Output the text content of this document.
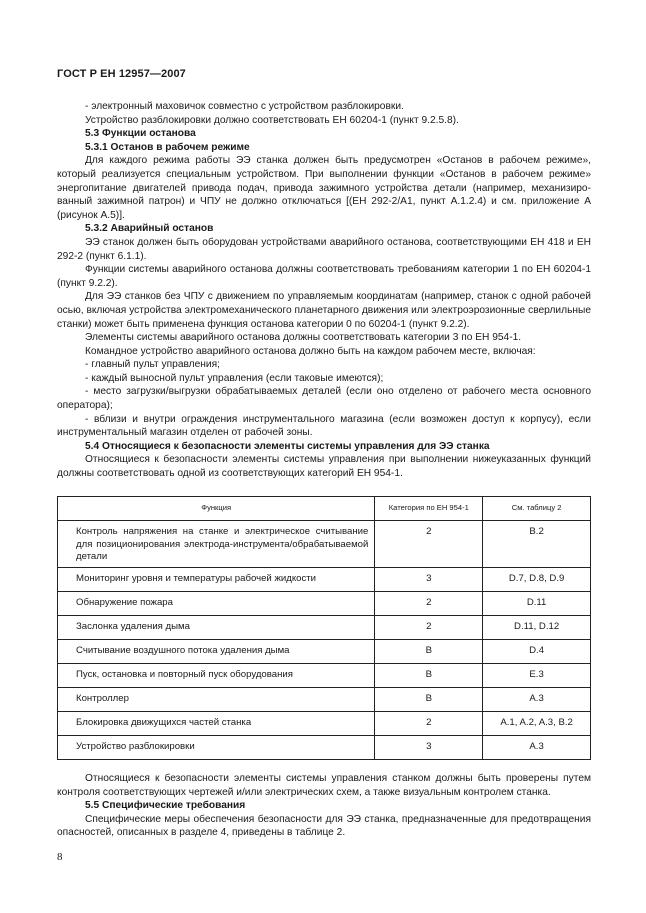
ГОСТ Р ЕН 12957—2007

- электронный маховичок совместно с устройством разблокировки.

Устройство разблокировки должно соответствовать ЕН 60204-1 (пункт 9.2.5.8).

5.3 Функции останова

5.3.1 Останов в рабочем режиме

Для каждого режима работы ЭЭ станка должен быть предусмотрен «Останов в рабочем режиме», который реализуется специальным устройством. При выполнении функции «Останов в рабочем режиме» энергопитание двигателей привода подач, привода зажимного устройства детали (например, механизированный зажимной патрон) и ЧПУ не должно отключаться [(ЕН 292-2/А1, пункт А.1.2.4) и см. приложение А (рисунок А.5)].

5.3.2 Аварийный останов

ЭЭ станок должен быть оборудован устройствами аварийного останова, соответствующими ЕН 418 и ЕН 292-2 (пункт 6.1.1).

Функции системы аварийного останова должны соответствовать требованиям категории 1 по ЕН 60204-1 (пункт 9.2.2).

Для ЭЭ станков без ЧПУ с движением по управляемым координатам (например, станок с одной рабочей осью, включая устройства электромеханического планетарного движения или электроэрозионные сверлильные станки) может быть применена функция останова категории 0 по 60204-1 (пункт 9.2.2).

Элементы системы аварийного останова должны соответствовать категории 3 по ЕН 954-1.

Командное устройство аварийного останова должно быть на каждом рабочем месте, включая:

- главный пульт управления;

- каждый выносной пульт управления (если таковые имеются);

- место загрузки/выгрузки обрабатываемых деталей (если оно отделено от рабочего места основного оператора);

- вблизи и внутри ограждения инструментального магазина (если возможен доступ к корпусу), если инструментальный магазин отделен от рабочей зоны.

5.4 Относящиеся к безопасности элементы системы управления для ЭЭ станка

Относящиеся к безопасности элементы системы управления при выполнении нижеуказанных функций должны соответствовать одной из соответствующих категорий ЕН 954-1.

Функция	Категория по ЕН 954-1	См. таблицу 2
Контроль напряжения на станке и электрическое считывание для позиционирования электрода-инструмента/обрабатываемой детали	2	B.2
Мониторинг уровня и температуры рабочей жидкости	3	D.7, D.8, D.9
Обнаружение пожара	2	D.11
Заслонка удаления дыма	2	D.11, D.12
Считывание воздушного потока удаления дыма	B	D.4
Пуск, остановка и повторный пуск оборудования	B	E.3
Контроллер	B	A.3
Блокировка движущихся частей станка	2	A.1, A.2, A.3, B.2
Устройство разблокировки	3	A.3

Относящиеся к безопасности элементы системы управления станком должны быть проверены путем контроля соответствующих чертежей и/или электрических схем, а также визуальным контролем станка.

5.5 Специфические требования

Специфические меры обеспечения безопасности для ЭЭ станка, предназначенные для предотвращения опасностей, описанных в разделе 4, приведены в таблице 2.

8
